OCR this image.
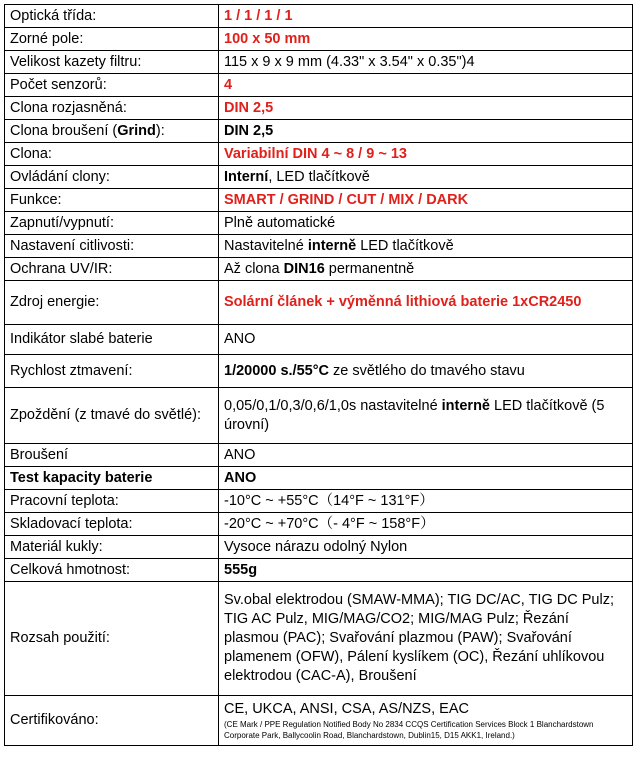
Optická třída:	1 / 1 / 1 / 1
Zorné pole:	100 x 50 mm
Velikost kazety filtru:	115 x 9 x 9 mm (4.33" x 3.54" x 0.35")4
Počet senzorů:	4
Clona rozjasněná:	DIN 2,5
Clona broušení (Grind):	DIN 2,5
Clona:	Variabilní DIN 4 ~ 8 / 9 ~ 13
Ovládání clony:	Interní, LED tlačítkově
Funkce:	SMART / GRIND / CUT / MIX / DARK
Zapnutí/vypnutí:	Plně automatické
Nastavení citlivosti:	Nastavitelné interně LED tlačítkově
Ochrana UV/IR:	Až clona DIN16 permanentně
Zdroj energie:	Solární článek + výměnná lithiová baterie 1xCR2450
Indikátor slabé baterie	ANO
Rychlost ztmavení:	1/20000 s./55°C ze světlého do tmavého stavu
Zpoždění (z tmavé do světlé):	0,05/0,1/0,3/0,6/1,0s nastavitelné interně LED tlačítkově (5 úrovní)
Broušení	ANO
Test kapacity baterie	ANO
Pracovní teplota:	-10°C ~ +55°C（14°F ~ 131°F）
Skladovací teplota:	-20°C ~ +70°C（- 4°F ~ 158°F）
Materiál kukly:	Vysoce nárazu odolný Nylon
Celková hmotnost:	555g
Rozsah použití:	Sv.obal elektrodou (SMAW-MMA); TIG DC/AC, TIG DC Pulz; TIG AC Pulz, MIG/MAG/CO2; MIG/MAG Pulz; Řezání plasmou (PAC); Svařování plazmou (PAW); Svařování plamenem (OFW), Pálení kyslíkem (OC), Řezání uhlíkovou elektrodou (CAC-A), Broušení
Certifikováno:	CE, UKCA, ANSI, CSA, AS/NZS, EAC
(CE Mark / PPE Regulation Notified Body No 2834 CCQS Certification Services Block 1 Blanchardstown Corporate Park, Ballycoolin Road, Blanchardstown, Dublin15, D15 AKK1, Ireland.)
